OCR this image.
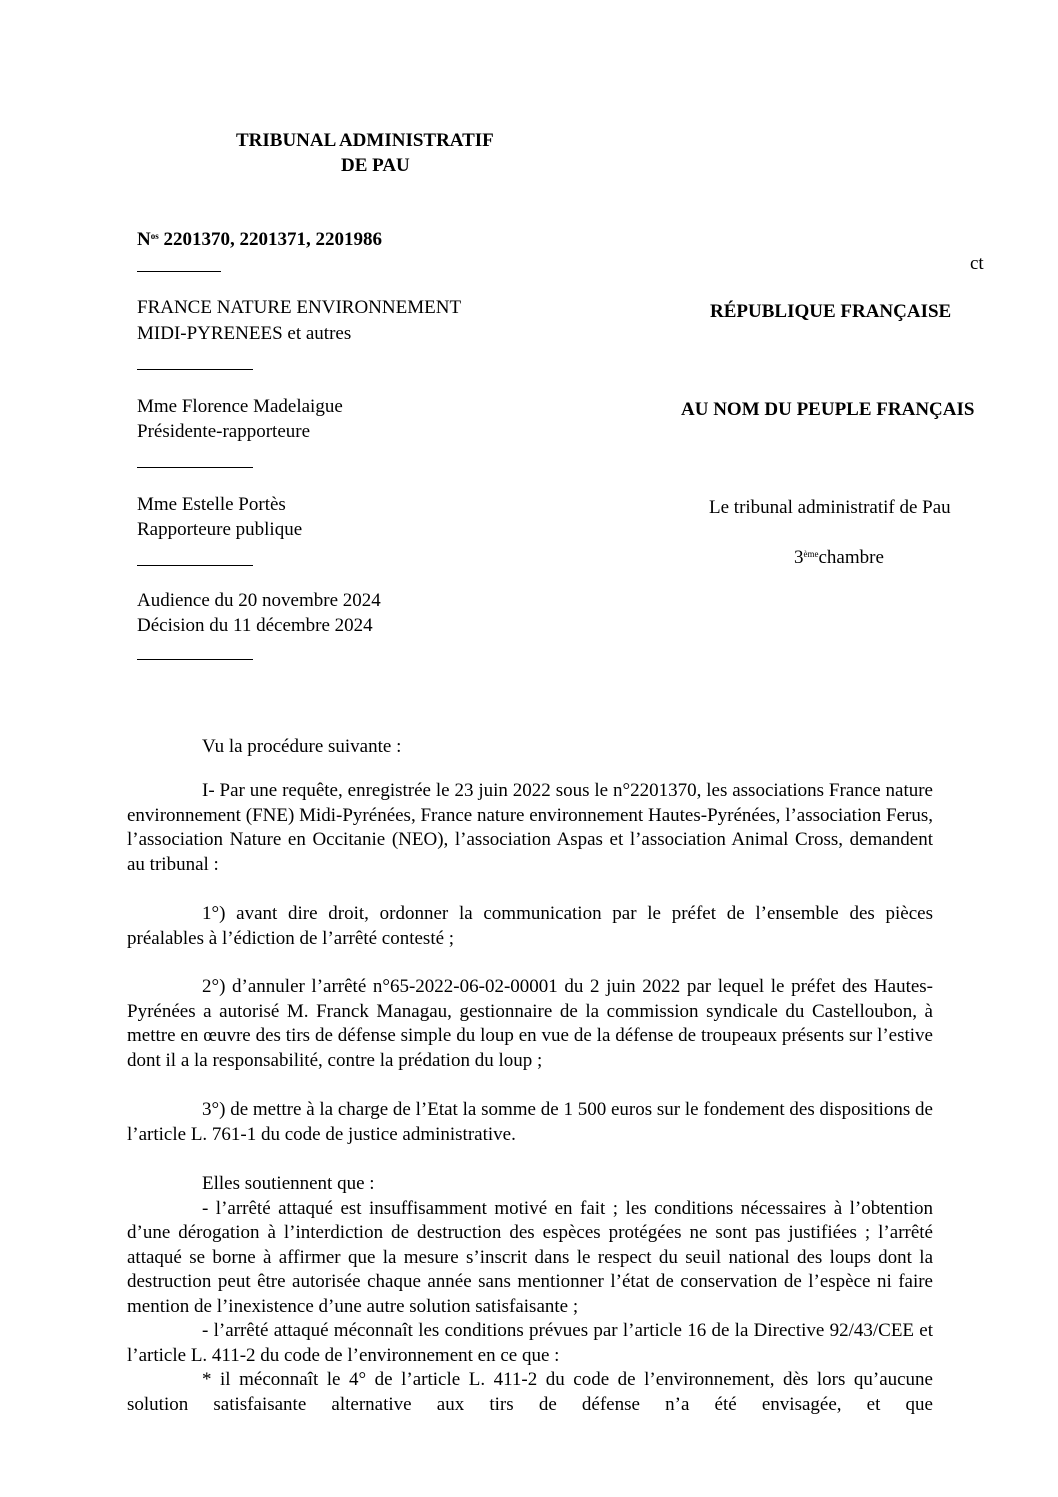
TRIBUNAL ADMINISTRATIF
DE PAU
$N^{os}$ 2201370, 2201371, 2201986
ct
FRANCE NATURE ENVIRONNEMENT
MIDI-PYRENEES et autres
Mme Florence Madelaigue
Présidente-rapporteure
Mme Estelle Portès
Rapporteure publique
Audience du 20 novembre 2024
Décision du 11 décembre 2024
RÉPUBLIQUE FRANÇAISE
AU NOM DU PEUPLE FRANÇAIS
Le tribunal administratif de Pau
3èmechambre

Vu la procédure suivante :

I- Par une requête, enregistrée le 23 juin 2022 sous le n°2201370, les associations France nature environnement (FNE) Midi-Pyrénées, France nature environnement Hautes-Pyrénées, l’association Ferus, l’association Nature en Occitanie (NEO), l’association Aspas et l’association Animal Cross, demandent au tribunal :

1°) avant dire droit, ordonner la communication par le préfet de l’ensemble des pièces préalables à l’édiction de l’arrêté contesté ;

2°) d’annuler l’arrêté n°65-2022-06-02-00001 du 2 juin 2022 par lequel le préfet des Hautes-Pyrénées a autorisé M. Franck Managau, gestionnaire de la commission syndicale du Castelloubon, à mettre en œuvre des tirs de défense simple du loup en vue de la défense de troupeaux présents sur l’estive dont il a la responsabilité, contre la prédation du loup ;

3°) de mettre à la charge de l’Etat la somme de 1 500 euros sur le fondement des dispositions de l’article L. 761-1 du code de justice administrative.

Elles soutiennent que :

- l’arrêté attaqué est insuffisamment motivé en fait ; les conditions nécessaires à l’obtention d’une dérogation à l’interdiction de destruction des espèces protégées ne sont pas justifiées ; l’arrêté attaqué se borne à affirmer que la mesure s’inscrit dans le respect du seuil national des loups dont la destruction peut être autorisée chaque année sans mentionner l’état de conservation de l’espèce ni faire mention de l’inexistence d’une autre solution satisfaisante ;

- l’arrêté attaqué méconnaît les conditions prévues par l’article 16 de la Directive 92/43/CEE et l’article L. 411-2 du code de l’environnement en ce que :

* il méconnaît le 4° de l’article L. 411-2 du code de l’environnement, dès lors qu’aucune solution satisfaisante alternative aux tirs de défense n’a été envisagée, et que
